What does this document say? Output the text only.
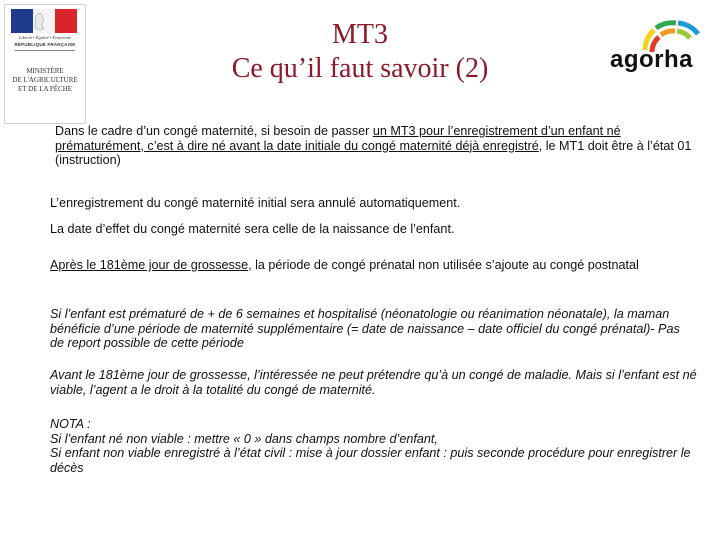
Liberté • Égalité • Fraternité
RÉPUBLIQUE FRANÇAISE
MINISTÈRE
DE L'AGRICULTURE
ET DE LA PÊCHE
MT3
Ce qu’il faut savoir (2)	agorha

Dans le cadre d’un congé maternité, si besoin de passer un MT3 pour l’enregistrement d’un enfant né prématurément, c’est à dire né avant la date initiale du congé maternité déjà enregistré, le MT1 doit être à l’état 01 (instruction)

L’enregistrement du congé maternité initial sera annulé automatiquement.

La date d’effet du congé maternité sera celle de la naissance de l’enfant.

Après le 181ème jour de grossesse, la période de congé prénatal non utilisée s’ajoute au congé postnatal

Si l’enfant est prématuré de + de 6 semaines et hospitalisé (néonatologie ou réanimation néonatale), la maman bénéficie d’une période de maternité supplémentaire (= date de naissance – date officiel du congé prénatal)- Pas de report possible de cette période

Avant le 181ème jour de grossesse, l’intéressée ne peut prétendre qu’à un congé de maladie. Mais si l’enfant est né viable, l’agent a le droit à la totalité du congé de maternité.

NOTA :
Si l’enfant né non viable : mettre « 0 » dans champs nombre d’enfant,
Si enfant non viable enregistré à l’état civil : mise à jour dossier enfant : puis seconde procédure pour enregistrer le décès
